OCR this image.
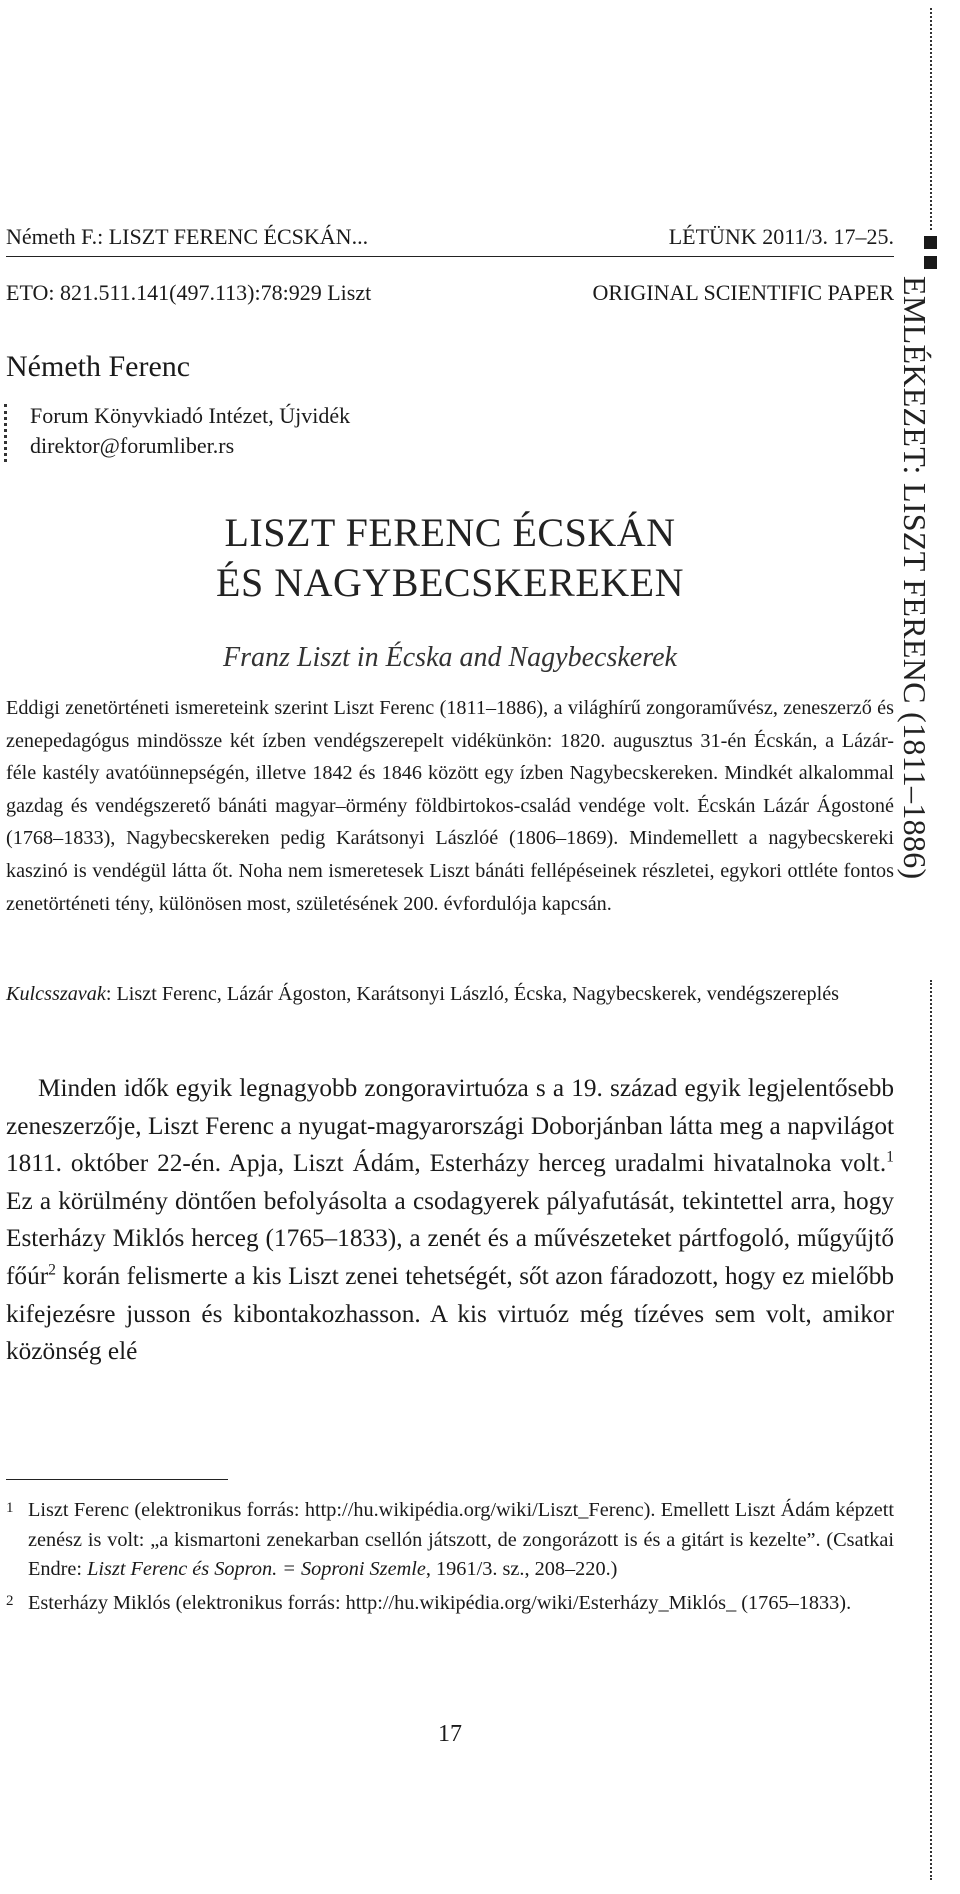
Németh F.: LISZT FERENC ÉCSKÁN...	LÉTÜNK 2011/3. 17–25.
ETO: 821.511.141(497.113):78:929 Liszt	ORIGINAL SCIENTIFIC PAPER
Németh Ferenc
Forum Könyvkiadó Intézet, Újvidék
direktor@forumliber.rs
LISZT FERENC ÉCSKÁN
ÉS NAGYBECSKEREKEN
Franz Liszt in Écska and Nagybecskerek

Eddigi zenetörténeti ismereteink szerint Liszt Ferenc (1811–1886), a világhírű zongoraművész, zeneszerző és zenepedagógus mindössze két ízben vendégszerepelt vidékünkön: 1820. augusztus 31-én Écskán, a Lázár-féle kastély avatóünnepségén, illetve 1842 és 1846 között egy ízben Nagybecskereken. Mindkét alkalommal gazdag és vendégszerető bánáti magyar–örmény földbirtokos-család vendége volt. Écskán Lázár Ágostoné (1768–1833), Nagybecskereken pedig Karátsonyi Lászlóé (1806–1869). Mindemellett a nagybecskereki kaszinó is vendégül látta őt. Noha nem ismeretesek Liszt bánáti fellépéseinek részletei, egykori ottléte fontos zenetörténeti tény, különösen most, születésének 200. évfordulója kapcsán.

Kulcsszavak: Liszt Ferenc, Lázár Ágoston, Karátsonyi László, Écska, Nagybecskerek, vendégszereplés

Minden idők egyik legnagyobb zongoravirtuóza s a 19. század egyik legjelentősebb zeneszerzője, Liszt Ferenc a nyugat-magyarországi Doborjánban látta meg a napvilágot 1811. október 22-én. Apja, Liszt Ádám, Esterházy herceg uradalmi hivatalnoka volt.$^1$ Ez a körülmény döntően befolyásolta a csodagyerek pályafutását, tekintettel arra, hogy Esterházy Miklós herceg (1765–1833), a zenét és a művészeteket pártfogoló, műgyűjtő főúr$^2$ korán felismerte a kis Liszt zenei tehetségét, sőt azon fáradozott, hogy ez mielőbb kifejezésre jusson és kibontakozhasson. A kis virtuóz még tízéves sem volt, amikor közönség elé

1 Liszt Ferenc (elektronikus forrás: http://hu.wikipédia.org/wiki/Liszt_Ferenc). Emellett Liszt Ádám képzett zenész is volt: „a kismartoni zenekarban csellón játszott, de zongorázott is és a gitárt is kezelte”. (Csatkai Endre: Liszt Ferenc és Sopron. = Soproni Szemle, 1961/3. sz., 208–220.)

2 Esterházy Miklós (elektronikus forrás: http://hu.wikipédia.org/wiki/Esterházy_Miklós_ (1765–1833).

17
EMLÉKEZET: LISZT FERENC (1811–1886)
